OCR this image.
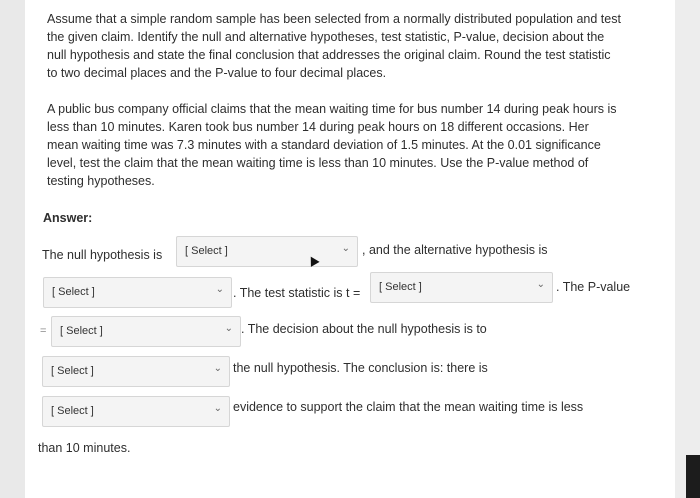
Assume that a simple random sample has been selected from a normally distributed population and test the given claim. Identify the null and alternative hypotheses, test statistic, P-value, decision about the null hypothesis and state the final conclusion that addresses the original claim. Round the test statistic to two decimal places and the P-value to four decimal places.
A public bus company official claims that the mean waiting time for bus number 14 during peak hours is less than 10 minutes. Karen took bus number 14 during peak hours on 18 different occasions. Her mean waiting time was 7.3 minutes with a standard deviation of 1.5 minutes. At the 0.01 significance level, test the claim that the mean waiting time is less than 10 minutes. Use the P-value method of testing hypotheses.
Answer:
The null hypothesis is [ Select ]	⌄ , and the alternative hypothesis is
[ Select ]	⌄ . The test statistic is t = [ Select ]	⌄ . The P-value
= [ Select ]	⌄ . The decision about the null hypothesis is to
[ Select ]	⌄ the null hypothesis. The conclusion is: there is
[ Select ]	⌄ evidence to support the claim that the mean waiting time is less
than 10 minutes.
